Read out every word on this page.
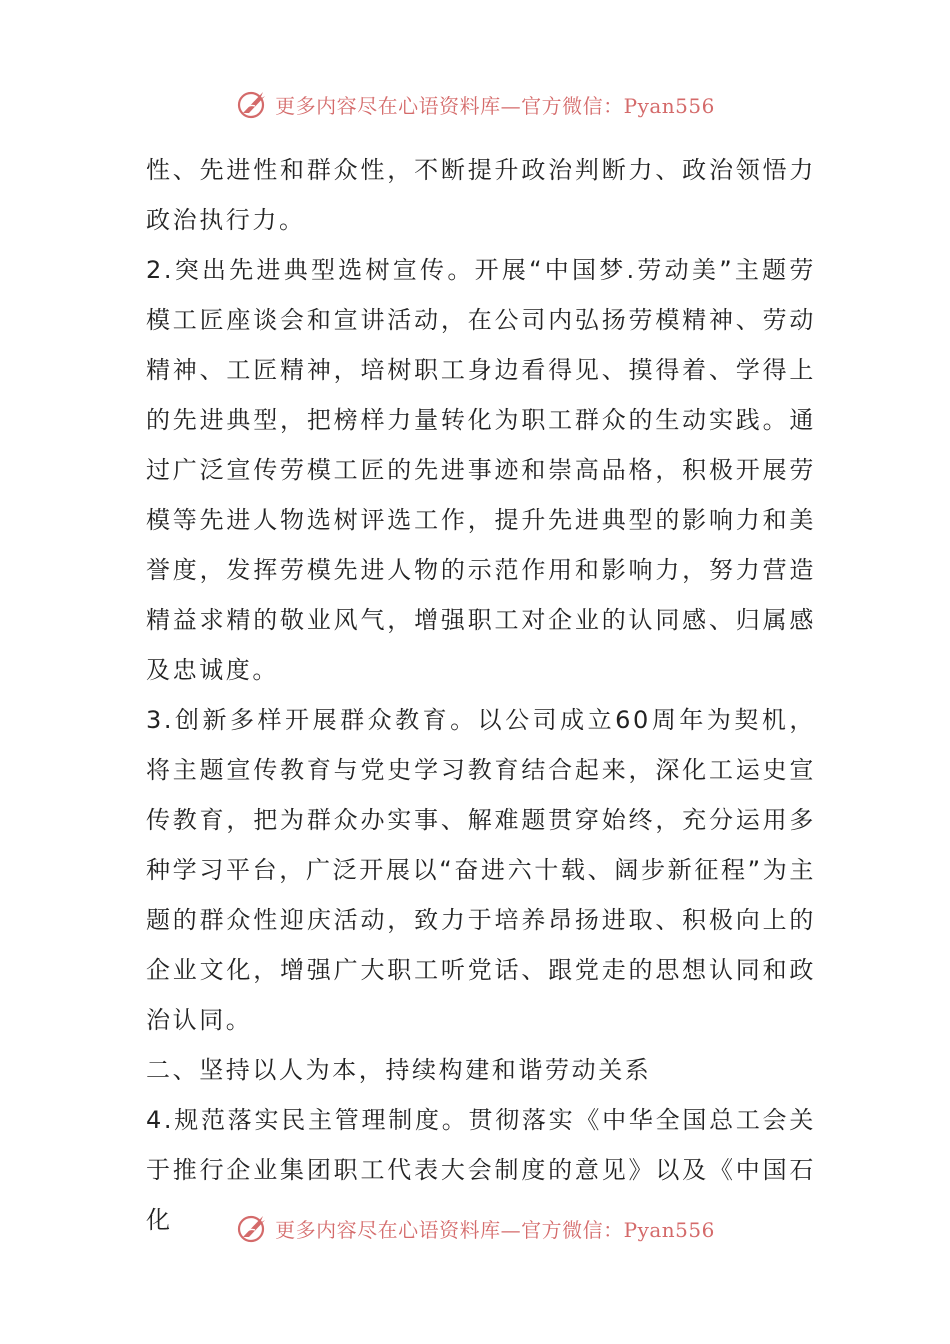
更多内容尽在心语资料库—官方微信：Pyan556

性、先进性和群众性，不断提升政治判断力、政治领悟力政治执行力。

2.突出先进典型选树宣传。开展“中国梦.劳动美”主题劳模工匠座谈会和宣讲活动，在公司内弘扬劳模精神、劳动精神、工匠精神，培树职工身边看得见、摸得着、学得上的先进典型，把榜样力量转化为职工群众的生动实践。通过广泛宣传劳模工匠的先进事迹和崇高品格，积极开展劳模等先进人物选树评选工作，提升先进典型的影响力和美誉度，发挥劳模先进人物的示范作用和影响力，努力营造精益求精的敬业风气，增强职工对企业的认同感、归属感及忠诚度。

3.创新多样开展群众教育。以公司成立60周年为契机，将主题宣传教育与党史学习教育结合起来，深化工运史宣传教育，把为群众办实事、解难题贯穿始终，充分运用多种学习平台，广泛开展以“奋进六十载、阔步新征程”为主题的群众性迎庆活动，致力于培养昂扬进取、积极向上的企业文化，增强广大职工听党话、跟党走的思想认同和政治认同。

二、坚持以人为本，持续构建和谐劳动关系

4.规范落实民主管理制度。贯彻落实《中华全国总工会关于推行企业集团职工代表大会制度的意见》以及《中国石化	更多内容尽在心语资料库—官方微信：Pyan556
